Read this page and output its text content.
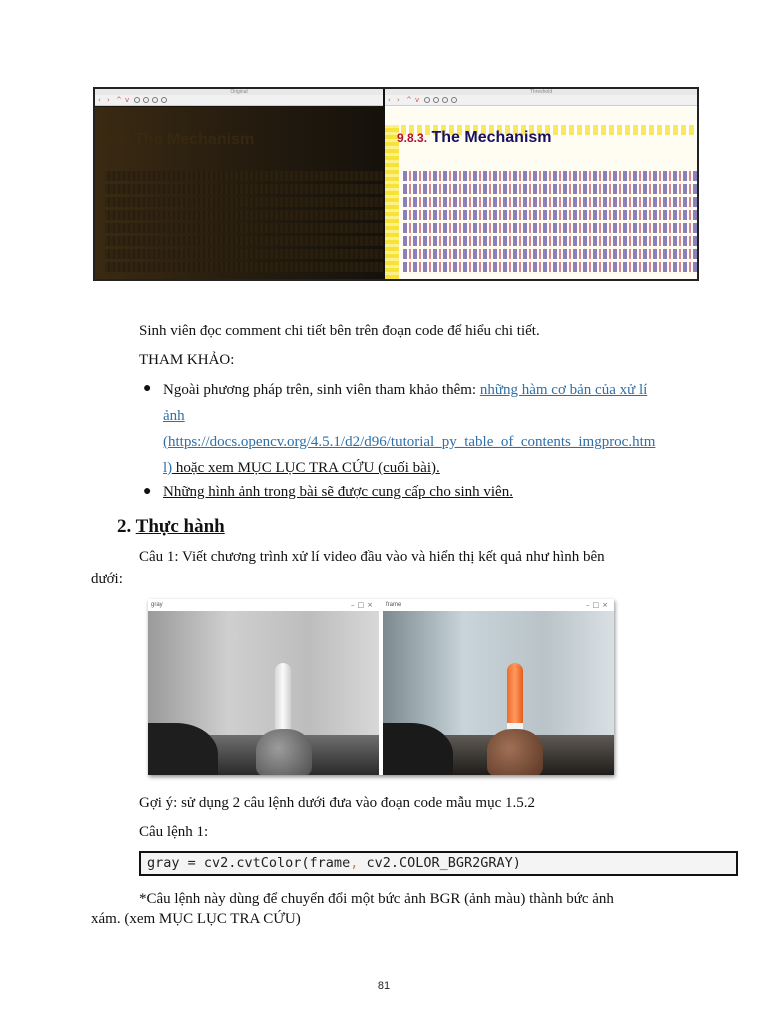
Original
‹ › ^ v
8.3. The Mechanism
Threshold
‹ › ^ v
9.8.3. The Mechanism
Sinh viên đọc comment chi tiết bên trên đoạn code để hiểu chi tiết.
THAM KHẢO:
● Ngoài phương pháp trên, sinh viên tham khảo thêm: những hàm cơ bản của xử lí
ảnh
(https://docs.opencv.org/4.5.1/d2/d96/tutorial_py_table_of_contents_imgproc.htm
l) hoặc xem MỤC LỤC TRA CỨU (cuối bài).
● Những hình ảnh trong bài sẽ được cung cấp cho sinh viên.
2. Thực hành
Câu 1: Viết chương trình xử lí video đầu vào và hiển thị kết quả như hình bên
dưới:
gray	–□× frame	–□×
Gợi ý: sử dụng 2 câu lệnh dưới đưa vào đoạn code mẫu mục 1.5.2
Câu lệnh 1:
gray = cv2.cvtColor(frame, cv2.COLOR_BGR2GRAY)
*Câu lệnh này dùng để chuyển đổi một bức ảnh BGR (ảnh màu) thành bức ảnh
xám. (xem MỤC LỤC TRA CỨU)
81
